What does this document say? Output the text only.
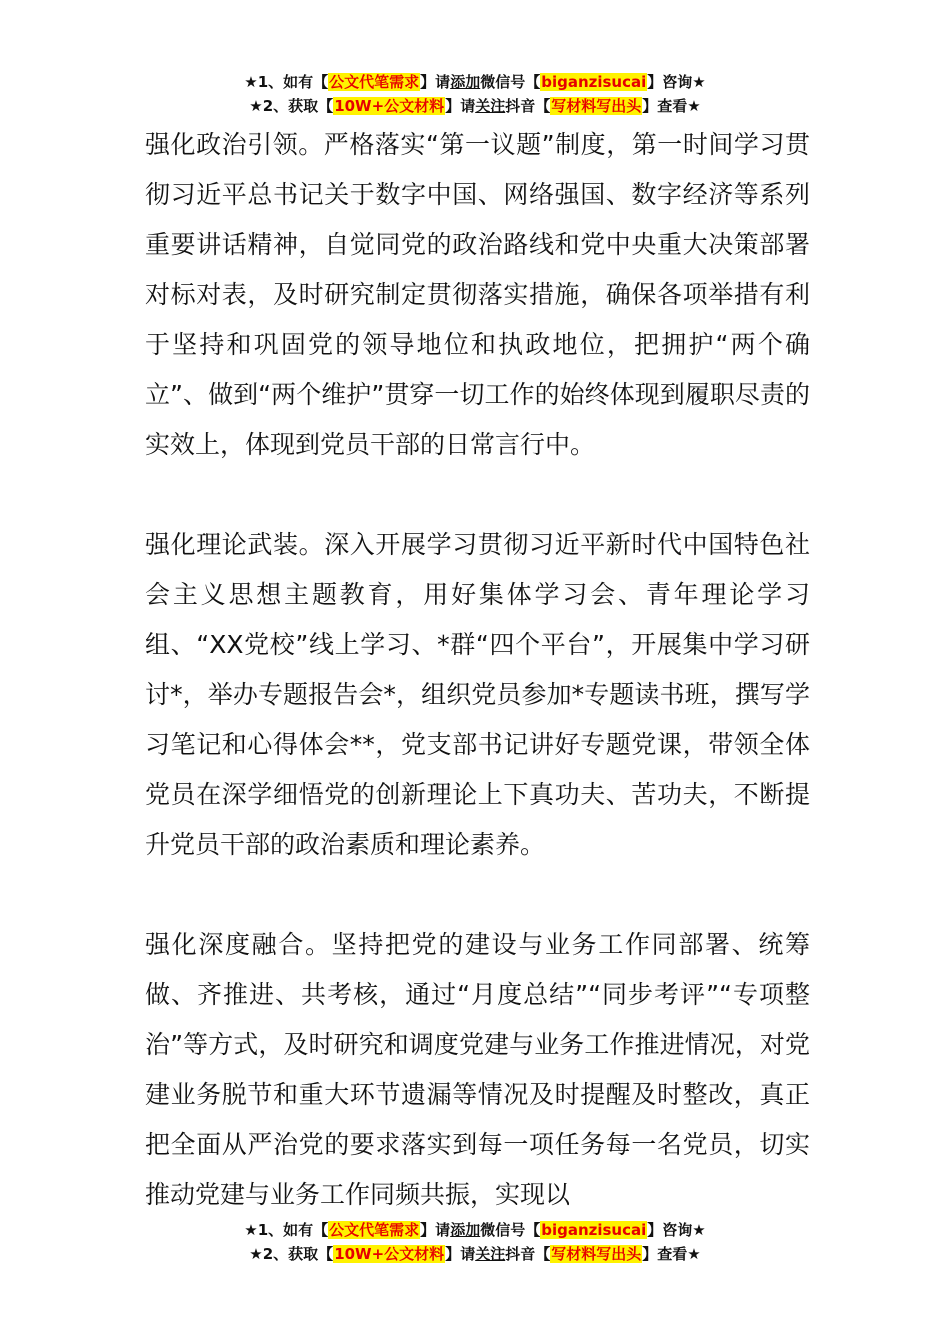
★1、如有【公文代笔需求】请添加微信号【biganzisucai】咨询★
★2、获取【10W+公文材料】请关注抖音【写材料写出头】查看★

强化政治引领。严格落实“第一议题”制度，第一时间学习贯彻习近平总书记关于数字中国、网络强国、数字经济等系列重要讲话精神，自觉同党的政治路线和党中央重大决策部署对标对表，及时研究制定贯彻落实措施，确保各项举措有利于坚持和巩固党的领导地位和执政地位，把拥护“两个确立”、做到“两个维护”贯穿一切工作的始终体现到履职尽责的实效上，体现到党员干部的日常言行中。

强化理论武装。深入开展学习贯彻习近平新时代中国特色社会主义思想主题教育，用好集体学习会、青年理论学习组、“XX党校”线上学习、*群“四个平台”，开展集中学习研讨*，举办专题报告会*，组织党员参加*专题读书班，撰写学习笔记和心得体会**，党支部书记讲好专题党课，带领全体党员在深学细悟党的创新理论上下真功夫、苦功夫，不断提升党员干部的政治素质和理论素养。

强化深度融合。坚持把党的建设与业务工作同部署、统筹做、齐推进、共考核，通过“月度总结”“同步考评”“专项整治”等方式，及时研究和调度党建与业务工作推进情况，对党建业务脱节和重大环节遗漏等情况及时提醒及时整改，真正把全面从严治党的要求落实到每一项任务每一名党员，切实推动党建与业务工作同频共振，实现以

★1、如有【公文代笔需求】请添加微信号【biganzisucai】咨询★
★2、获取【10W+公文材料】请关注抖音【写材料写出头】查看★
